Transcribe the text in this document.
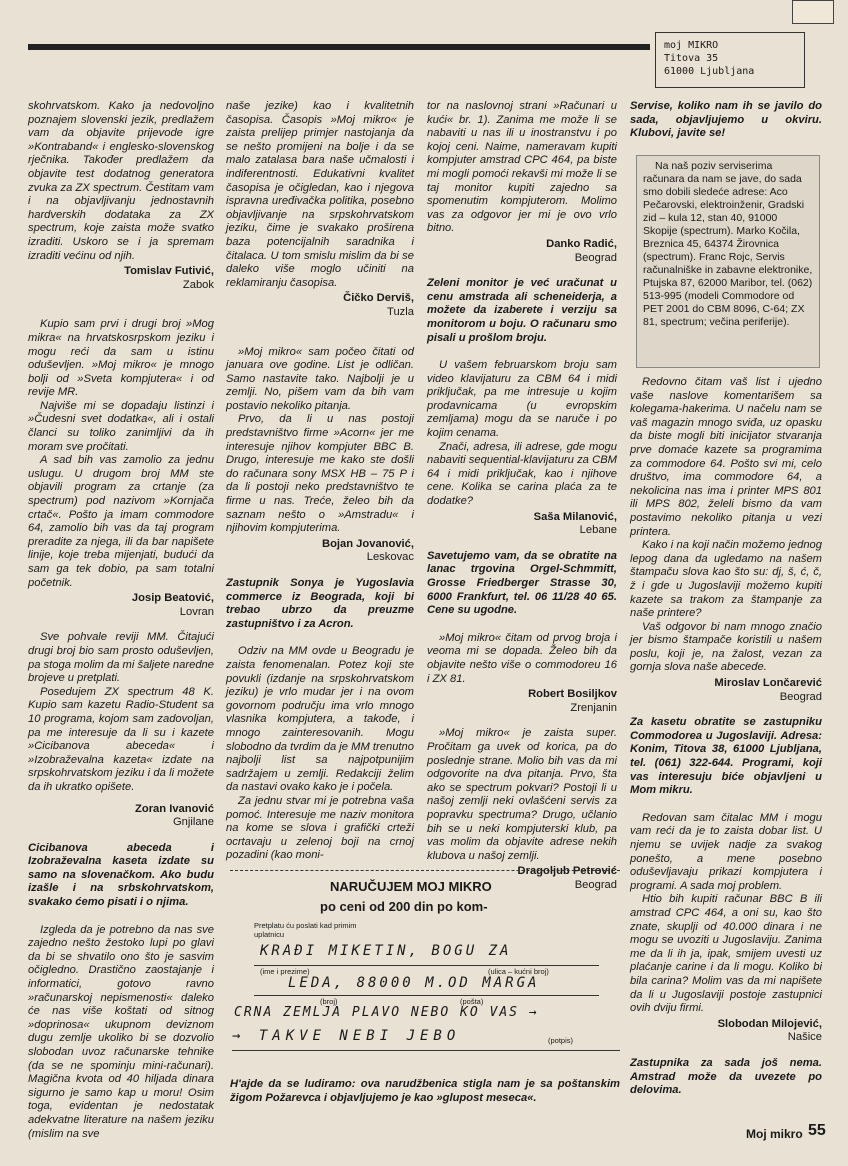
moj MIKRO
Titova 35
61000 Ljubljana

skohrvatskom. Kako ja nedovoljno poznajem slovenski jezik, predlažem vam da objavite prijevode igre »Kontraband« i englesko-slovenskog rječnika. Također predlažem da objavite test dodatnog generatora zvuka za ZX spectrum. Čestitam vam i na objavljivanju jednostavnih hardverskih dodataka za ZX spectrum, koje zaista može svatko izraditi. Uskoro se i ja spremam izraditi većinu od njih.

Tomislav Futivić,
Zabok

Kupio sam prvi i drugi broj »Mog mikra« na hrvatskosrpskom jeziku i mogu reći da sam u istinu oduševljen. »Moj mikro« je mnogo bolji od »Sveta kompjutera« i od revije MR.

Najviše mi se dopadaju listinzi i »Čudesni svet dodatka«, ali i ostali članci su toliko zanimljivi da ih moram sve pročitati.

A sad bih vas zamolio za jednu uslugu. U drugom broj MM ste objavili program za crtanje (za spectrum) pod nazivom »Kornjača crtač«. Pošto ja imam commodore 64, zamolio bih vas da taj program preradite za njega, ili da bar napišete linije, koje treba mijenjati, budući da sam ga tek dobio, pa sam totalni početnik.

Josip Beatović,
Lovran

Sve pohvale reviji MM. Čitajući drugi broj bio sam prosto oduševljen, pa stoga molim da mi šaljete naredne brojeve u pretplati.

Posedujem ZX spectrum 48 K. Kupio sam kazetu Radio-Student sa 10 programa, kojom sam zadovoljan, pa me interesuje da li su i kazete »Cicibanova abeceda« i »Izobraževalna kazeta« izdate na srpskohrvatskom jeziku i da li možete da ih ukratko opišete.

Zoran Ivanović
Gnjilane

Cicibanova abeceda i Izobraževalna kaseta izdate su samo na slovenačkom. Ako budu izašle i na srbskohrvatskom, svakako ćemo pisati i o njima.

Izgleda da je potrebno da nas sve zajedno nešto žestoko lupi po glavi da bi se shvatilo ono što je sasvim očigledno. Drastično zaostajanje i informatici, gotovo ravno »računarskoj nepismenosti« daleko će nas više koštati od sitnog »doprinosa« ukupnom deviznom dugu zemlje ukoliko bi se dozvolio slobodan uvoz računarske tehnike (da se ne spominju mini-računari). Magična kvota od 40 hiljada dinara sigurno je samo kap u moru! Osim toga, evidentan je nedostatak adekvatne literature na našem jeziku (mislim na sve

naše jezike) kao i kvalitetnih časopisa. Časopis »Moj mikro« je zaista prelijep primjer nastojanja da se nešto promijeni na bolje i da se malo zatalasa bara naše učmalosti i indiferentnosti. Edukativni kvalitet časopisa je očigledan, kao i njegova ispravna uređivačka politika, posebno objavljivanje na srpskohrvatskom jeziku, čime je svakako proširena baza potencijalnih saradnika i čitalaca. U tom smislu mislim da bi se daleko više moglo učiniti na reklamiranju časopisa.

Čičko Derviš,
Tuzla

»Moj mikro« sam počeo čitati od januara ove godine. List je odličan. Samo nastavite tako. Najbolji je u zemlji. No, pišem vam da bih vam postavio nekoliko pitanja.

Prvo, da li u nas postoji predstavništvo firme »Acorn« jer me interesuje njihov kompjuter BBC B. Drugo, interesuje me kako ste došli do računara sony MSX HB – 75 P i da li postoji neko predstavništvo te firme u nas. Treće, želeo bih da saznam nešto o »Amstradu« i njihovim kompjuterima.

Bojan Jovanović,
Leskovac

Zastupnik Sonya je Yugoslavia commerce iz Beograda, koji bi trebao ubrzo da preuzme zastupništvo i za Acron.

Odziv na MM ovde u Beogradu je zaista fenomenalan. Potez koji ste povukli (izdanje na srpskohrvatskom jeziku) je vrlo mudar jer i na ovom govornom području ima vrlo mnogo vlasnika kompjutera, a takođe, i mnogo zainteresovanih. Mogu slobodno da tvrdim da je MM trenutno najbolji list sa najpotpunijim sadržajem u zemlji. Redakciji želim da nastavi ovako kako je i počela.

Za jednu stvar mi je potrebna vaša pomoć. Interesuje me naziv monitora na kome se slova i grafički crteži ocrtavaju u zelenoj boji na crnoj pozadini (kao moni-

tor na naslovnoj strani »Računari u kući« br. 1). Zanima me može li se nabaviti u nas ili u inostranstvu i po kojoj ceni. Naime, nameravam kupiti kompjuter amstrad CPC 464, pa biste mi mogli pomoći rekavši mi može li se taj monitor kupiti zajedno sa spomenutim kompjuterom. Molimo vas za odgovor jer mi je ovo vrlo bitno.

Danko Radić,
Beograd

Zeleni monitor je već uračunat u cenu amstrada ali scheneiderja, a možete da izaberete i verziju sa monitorom u boju. O računaru smo pisali u prošlom broju.

U vašem februarskom broju sam video klavijaturu za CBM 64 i midi priključak, pa me intresuje u kojim prodavnicama (u evropskim zemljama) mogu da se naruče i po kojim cenama.

Znači, adresa, ili adrese, gde mogu nabaviti sequential-klavijaturu za CBM 64 i midi priključak, kao i njihove cene. Kolika se carina plaća za te dodatke?

Saša Milanović,
Lebane

Savetujemo vam, da se obratite na lanac trgovina Orgel-Schmmitt, Grosse Friedberger Strasse 30, 6000 Frankfurt, tel. 06 11/28 40 65. Cene su ugodne.

»Moj mikro« čitam od prvog broja i veoma mi se dopada. Želeo bih da objavite nešto više o commodoreu 16 i ZX 81.

Robert Bosiljkov
Zrenjanin

»Moj mikro« je zaista super. Pročitam ga uvek od korica, pa do poslednje strane. Molio bih vas da mi odgovorite na dva pitanja. Prvo, šta ako se spectrum pokvari? Postoji li u našoj zemlji neki ovlašćeni servis za popravku spectruma? Drugo, učlanio bih se u neki kompjuterski klub, pa vas molim da objavite adrese nekih klubova u našoj zemlji.

Dragoljub Petrović
Beograd

Servise, koliko nam ih se javilo do sada, objavljujemo u okviru. Klubovi, javite se!

Na naš poziv serviserima računara da nam se jave, do sada smo dobili sledeće adrese: Aco Pečarovski, elektroinženir, Gradski zid – kula 12, stan 40, 91000 Skopije (spectrum). Marko Kočila, Breznica 45, 64374 Žirovnica (spectrum). Franc Rojc, Servis računalniške in zabavne elektronike, Ptujska 87, 62000 Maribor, tel. (062) 513-995 (modeli Commodore od PET 2001 do CBM 8096, C-64; ZX 81, spectrum; večina periferije).

Redovno čitam vaš list i ujedno vaše naslove komentarišem sa kolegama-hakerima. U načelu nam se vaš magazin mnogo sviđa, uz opasku da biste mogli biti inicijator stvaranja prve domaće kazete sa programima za commodore 64. Pošto svi mi, celo društvo, ima commodore 64, a nekolicina nas ima i printer MPS 801 ili MPS 802, želeli bismo da vam postavimo nekoliko pitanja u vezi printera.

Kako i na koji način možemo jednog lepog dana da ugledamo na našem štampaču slova kao što su: dj, š, ć, č, ž i gde u Jugoslaviji možemo kupiti kazete sa trakom za štampanje za naše printere?

Vaš odgovor bi nam mnogo značio jer bismo štampače koristili u našem poslu, koji je, na žalost, vezan za gornja slova naše abecede.

Miroslav Lončarević
Beograd

Za kasetu obratite se zastupniku Commodorea u Jugoslaviji. Adresa: Konim, Titova 38, 61000 Ljubljana, tel. (061) 322-644. Programi, koji vas interesuju biće objavljeni u Mom mikru.

Redovan sam čitalac MM i mogu vam reći da je to zaista dobar list. U njemu se uvijek nadje za svakog ponešto, a mene posebno oduševljavaju prikazi kompjutera i programi. A sada moj problem.

Htio bih kupiti računar BBC B ili amstrad CPC 464, a oni su, kao što znate, skuplji od 40.000 dinara i ne mogu se uvoziti u Jugoslaviju. Zanima me da li ih ja, ipak, smijem uvesti uz plaćanje carine i da li mogu. Koliko bi bila carina? Molim vas da mi napišete da li u Jugoslaviji postoje zastupnici ovih dviju firmi.

Slobodan Milojević,
Našice

Zastupnika za sada još nema. Amstrad može da uvezete po delovima.

NARUČUJEM MOJ MIKRO
po ceni od 200 din po kom-
Pretplatu ću poslati kad primim uplatnicu
KRAĐI MIKETIN, BOGU ZA
(ime i prezime)	(ulica – kućni broj)
LEDA, 88000 M.OD MARGA
(broj)	(pošta)
CRNA ZEMLJA PLAVO NEBO KO VAS →
→ TAKVE NEBI JEBO	(potpis)

H'ajde da se ludiramo: ova narudžbenica stigla nam je sa poštanskim žigom Požarevca i objavljujemo je kao »glupost meseca«.

Moj mikro 55
